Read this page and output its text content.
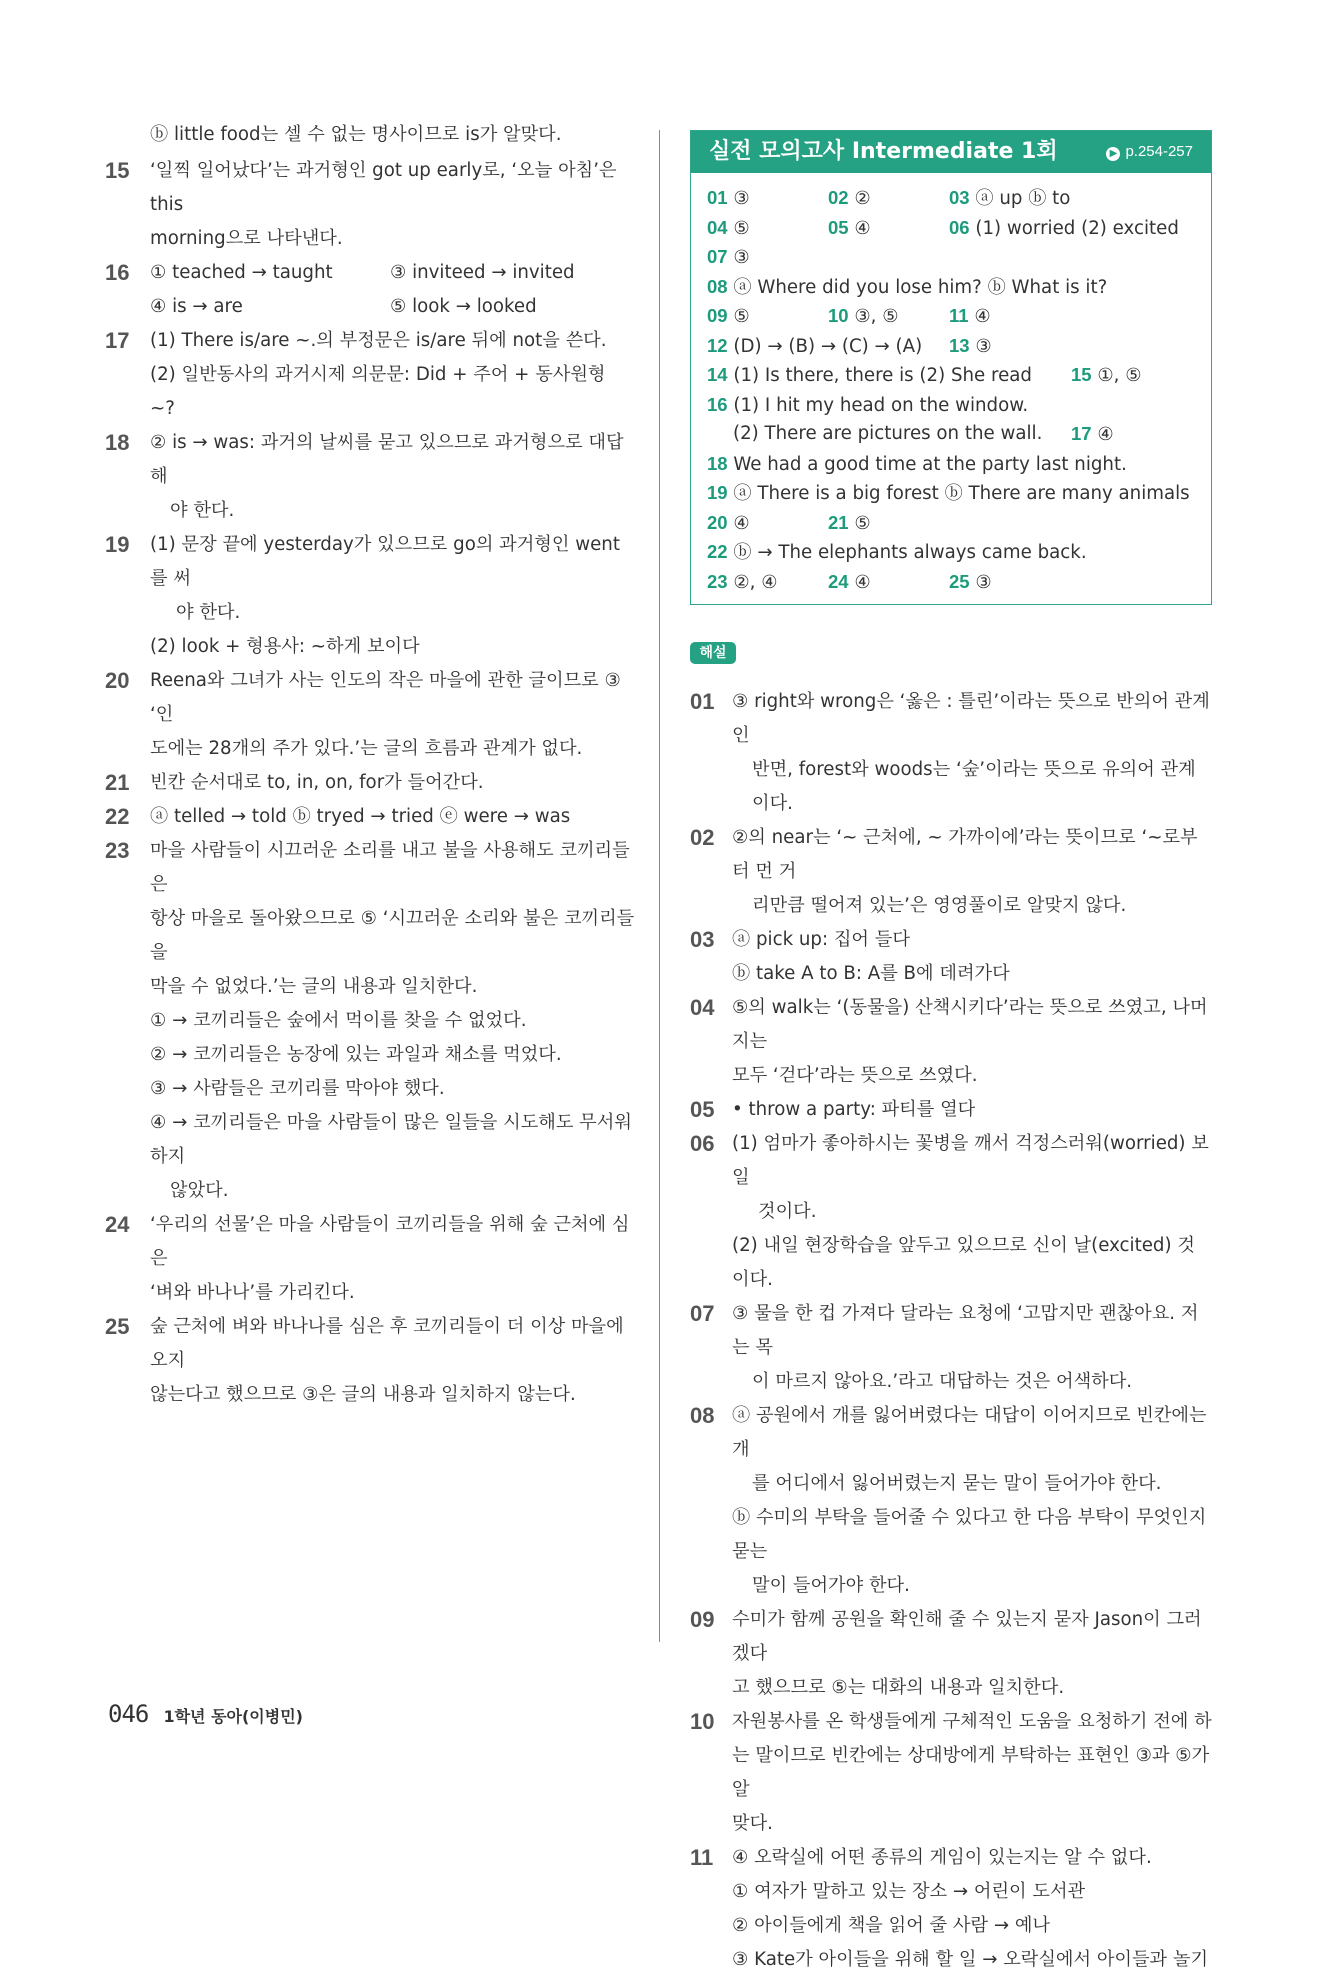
ⓑ little food는 셀 수 없는 명사이므로 is가 알맞다.
15	‘일찍 일어났다’는 과거형인 got up early로, ‘오늘 아침’은 this

morning으로 나타낸다.

16	① teached → taught	③ inviteed → invited

④ is → are	⑤ look → looked

17	(1) There is/are ~.의 부정문은 is/are 뒤에 not을 쓴다.

(2) 일반동사의 과거시제 의문문: Did + 주어 + 동사원형 ~?

18	② is → was: 과거의 날씨를 묻고 있으므로 과거형으로 대답해

야 한다.

19	(1) 문장 끝에 yesterday가 있으므로 go의 과거형인 went를 써

야 한다.

(2) look + 형용사: ~하게 보이다

20	Reena와 그녀가 사는 인도의 작은 마을에 관한 글이므로 ③ ‘인

도에는 28개의 주가 있다.’는 글의 흐름과 관계가 없다.

21	빈칸 순서대로 to, in, on, for가 들어간다.

22	ⓐ telled → told ⓑ tryed → tried ⓔ were → was

23	마을 사람들이 시끄러운 소리를 내고 불을 사용해도 코끼리들은

항상 마을로 돌아왔으므로 ⑤ ‘시끄러운 소리와 불은 코끼리들을

막을 수 없었다.’는 글의 내용과 일치한다.

① → 코끼리들은 숲에서 먹이를 찾을 수 없었다.

② → 코끼리들은 농장에 있는 과일과 채소를 먹었다.

③ → 사람들은 코끼리를 막아야 했다.

④ → 코끼리들은 마을 사람들이 많은 일들을 시도해도 무서워하지

않았다.

24	‘우리의 선물’은 마을 사람들이 코끼리들을 위해 숲 근처에 심은

‘벼와 바나나’를 가리킨다.

25	숲 근처에 벼와 바나나를 심은 후 코끼리들이 더 이상 마을에 오지

않는다고 했으므로 ③은 글의 내용과 일치하지 않는다.

실전 모의고사 Intermediate 1회	▶ p.254-257
01 ③	02 ②	03 ⓐ up ⓑ to
04 ⑤	05 ④	06 (1) worried (2) excited
07 ③
08 ⓐ Where did you lose him? ⓑ What is it?
09 ⑤	10 ③, ⑤	11 ④
12 (D) → (B) → (C) → (A) 13 ③
14 (1) Is there, there is (2) She read 15 ①, ⑤
16 (1) I hit my head on the window.
(2) There are pictures on the wall. 17 ④
18 We had a good time at the party last night.
19 ⓐ There is a big forest ⓑ There are many animals
20 ④	21 ⑤
22 ⓑ → The elephants always came back.
23 ②, ④	24 ④	25 ③
해설
01 ③ right와 wrong은 ‘옳은 : 틀린’이라는 뜻으로 반의어 관계인

반면, forest와 woods는 ‘숲’이라는 뜻으로 유의어 관계이다.

02 ②의 near는 ‘~ 근처에, ~ 가까이에’라는 뜻이므로 ‘~로부터 먼 거

리만큼 떨어져 있는’은 영영풀이로 알맞지 않다.

03 ⓐ pick up: 집어 들다

ⓑ take A to B: A를 B에 데려가다

04 ⑤의 walk는 ‘(동물을) 산책시키다’라는 뜻으로 쓰였고, 나머지는

모두 ‘걷다’라는 뜻으로 쓰였다.

05 • throw a party: 파티를 열다

06 (1) 엄마가 좋아하시는 꽃병을 깨서 걱정스러워(worried) 보일

것이다.

(2) 내일 현장학습을 앞두고 있으므로 신이 날(excited) 것이다.

07 ③ 물을 한 컵 가져다 달라는 요청에 ‘고맙지만 괜찮아요. 저는 목

이 마르지 않아요.’라고 대답하는 것은 어색하다.

08 ⓐ 공원에서 개를 잃어버렸다는 대답이 이어지므로 빈칸에는 개

를 어디에서 잃어버렸는지 묻는 말이 들어가야 한다.

ⓑ 수미의 부탁을 들어줄 수 있다고 한 다음 부탁이 무엇인지 묻는

말이 들어가야 한다.

09 수미가 함께 공원을 확인해 줄 수 있는지 묻자 Jason이 그러겠다

고 했으므로 ⑤는 대화의 내용과 일치한다.

10 자원봉사를 온 학생들에게 구체적인 도움을 요청하기 전에 하

는 말이므로 빈칸에는 상대방에게 부탁하는 표현인 ③과 ⑤가 알

맞다.

11	④ 오락실에 어떤 종류의 게임이 있는지는 알 수 없다.

① 여자가 말하고 있는 장소 → 어린이 도서관

② 아이들에게 책을 읽어 줄 사람 → 예나

③ Kate가 아이들을 위해 할 일 → 오락실에서 아이들과 놀기

046 1학년 동아(이병민)
